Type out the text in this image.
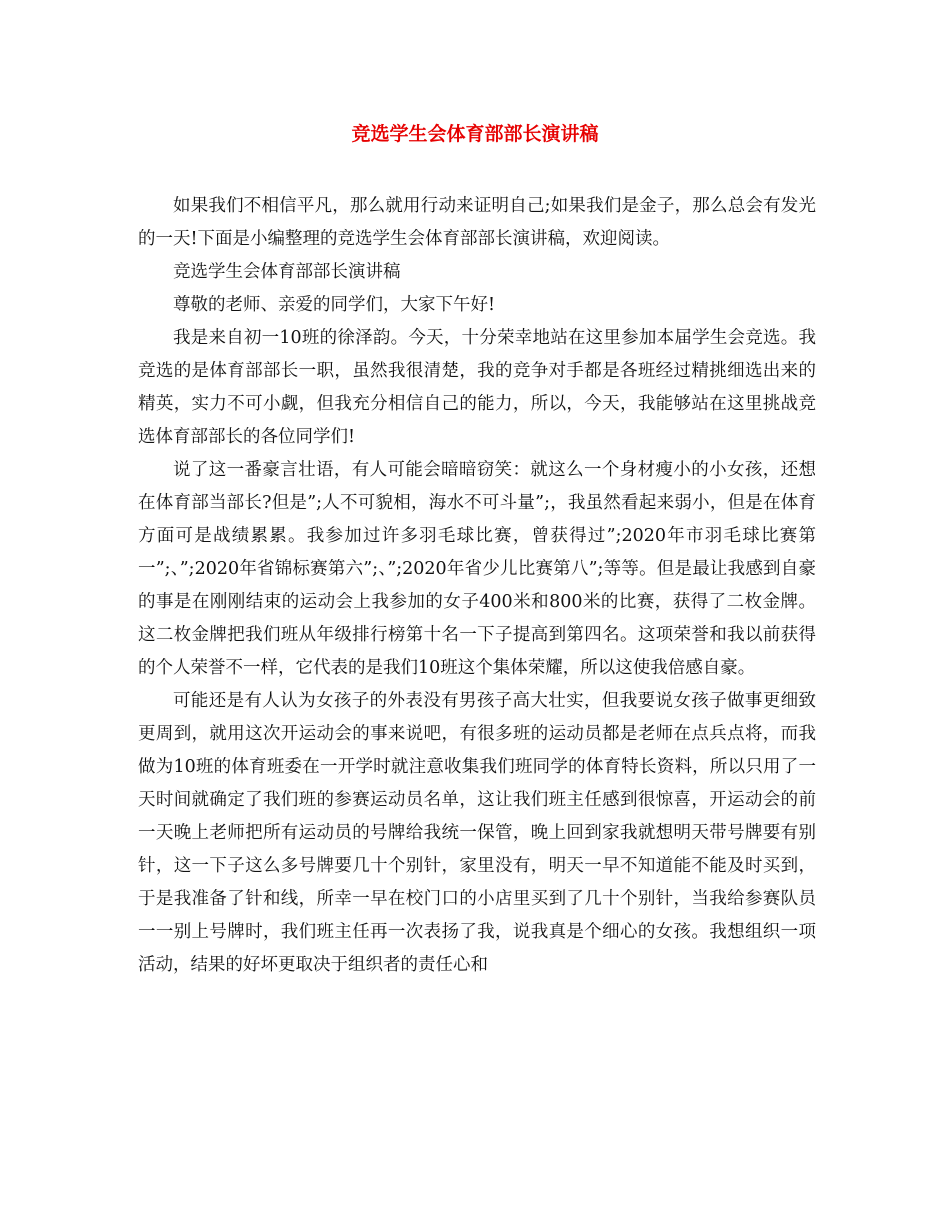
竞选学生会体育部部长演讲稿

如果我们不相信平凡，那么就用行动来证明自己;如果我们是金子，那么总会有发光的一天!下面是小编整理的竞选学生会体育部部长演讲稿，欢迎阅读。

竞选学生会体育部部长演讲稿

尊敬的老师、亲爱的同学们，大家下午好!

我是来自初一10班的徐泽韵。今天，十分荣幸地站在这里参加本届学生会竞选。我竞选的是体育部部长一职，虽然我很清楚，我的竞争对手都是各班经过精挑细选出来的精英，实力不可小觑，但我充分相信自己的能力，所以，今天，我能够站在这里挑战竞选体育部部长的各位同学们!

说了这一番豪言壮语，有人可能会暗暗窃笑：就这么一个身材瘦小的小女孩，还想在体育部当部长?但是”;人不可貌相，海水不可斗量”;，我虽然看起来弱小，但是在体育方面可是战绩累累。我参加过许多羽毛球比赛，曾获得过”;2020年市羽毛球比赛第一”;、”;2020年省锦标赛第六”;、”;2020年省少儿比赛第八”;等等。但是最让我感到自豪的事是在刚刚结束的运动会上我参加的女子400米和800米的比赛，获得了二枚金牌。这二枚金牌把我们班从年级排行榜第十名一下子提高到第四名。这项荣誉和我以前获得的个人荣誉不一样，它代表的是我们10班这个集体荣耀，所以这使我倍感自豪。

可能还是有人认为女孩子的外表没有男孩子高大壮实，但我要说女孩子做事更细致更周到，就用这次开运动会的事来说吧，有很多班的运动员都是老师在点兵点将，而我做为10班的体育班委在一开学时就注意收集我们班同学的体育特长资料，所以只用了一天时间就确定了我们班的参赛运动员名单，这让我们班主任感到很惊喜，开运动会的前一天晚上老师把所有运动员的号牌给我统一保管，晚上回到家我就想明天带号牌要有别针，这一下子这么多号牌要几十个别针，家里没有，明天一早不知道能不能及时买到，于是我准备了针和线，所幸一早在校门口的小店里买到了几十个别针，当我给参赛队员一一别上号牌时，我们班主任再一次表扬了我，说我真是个细心的女孩。我想组织一项活动，结果的好坏更取决于组织者的责任心和
